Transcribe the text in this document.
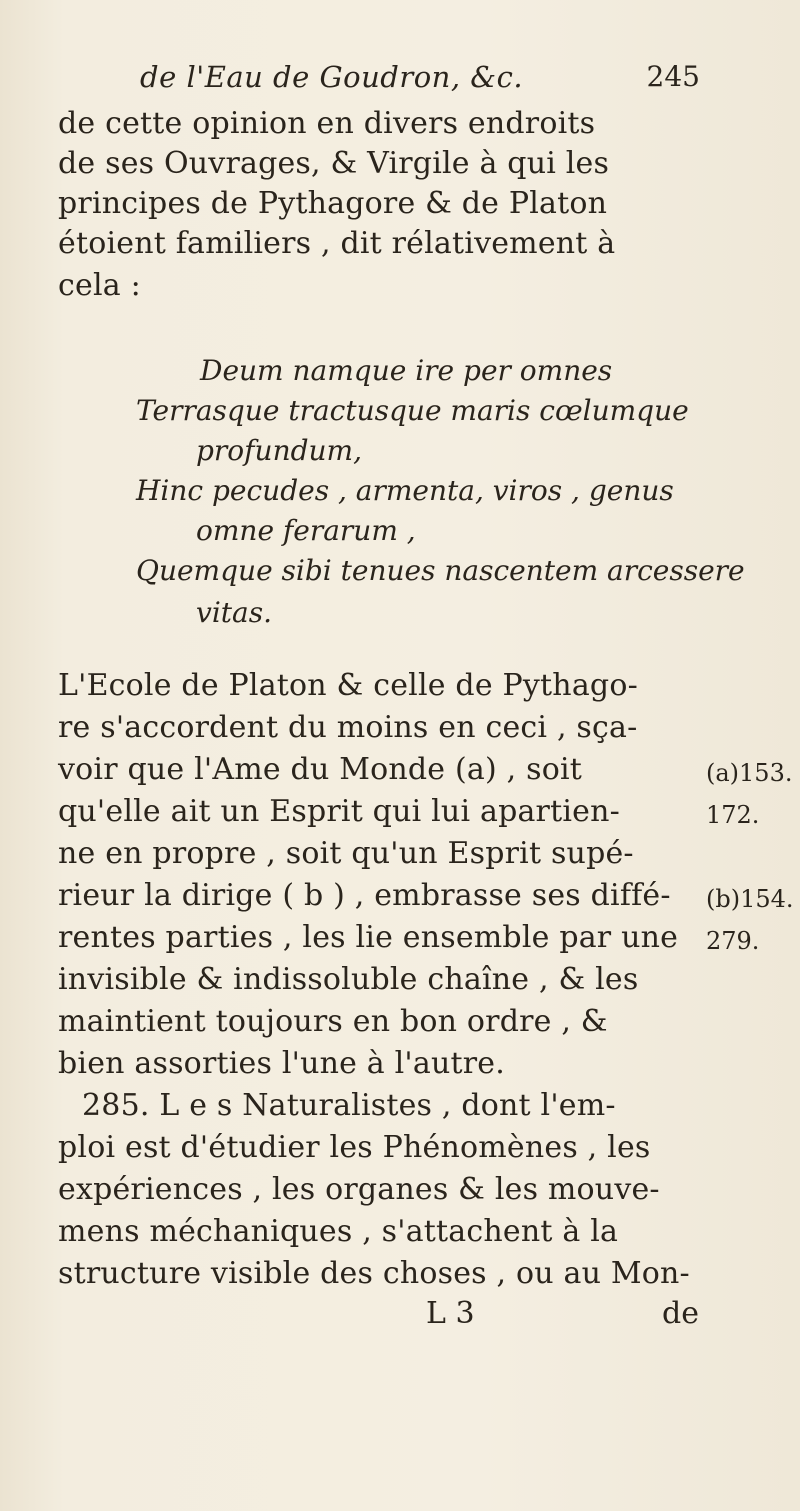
de l'Eau de Goudron, &c.	245
de cette opinion en divers endroits
de ses Ouvrages, & Virgile à qui les
principes de Pythagore & de Platon
étoient familiers , dit rélativement à
cela :
Deum namque ire per omnes
Terrasque tractusque maris cœlumque
profundum,
Hinc pecudes , armenta, viros , genus
omne ferarum ,
Quemque sibi tenues nascentem arcessere
vitas.
L'Ecole de Platon & celle de Pythago-
re s'accordent du moins en ceci , sça-
voir que l'Ame du Monde (a) , soit
qu'elle ait un Esprit qui lui apartien-
ne en propre , soit qu'un Esprit supé-
rieur la dirige ( b ) , embrasse ses diffé-
rentes parties , les lie ensemble par une
invisible & indissoluble chaîne , & les
maintient toujours en bon ordre , &
bien assorties l'une à l'autre.
285. L e s Naturalistes , dont l'em-
ploi est d'étudier les Phénomènes , les
expériences , les organes & les mouve-
mens méchaniques , s'attachent à la
structure visible des choses , ou au Mon-
(a)153.
172.
(b)154.
279.
L 3	de
